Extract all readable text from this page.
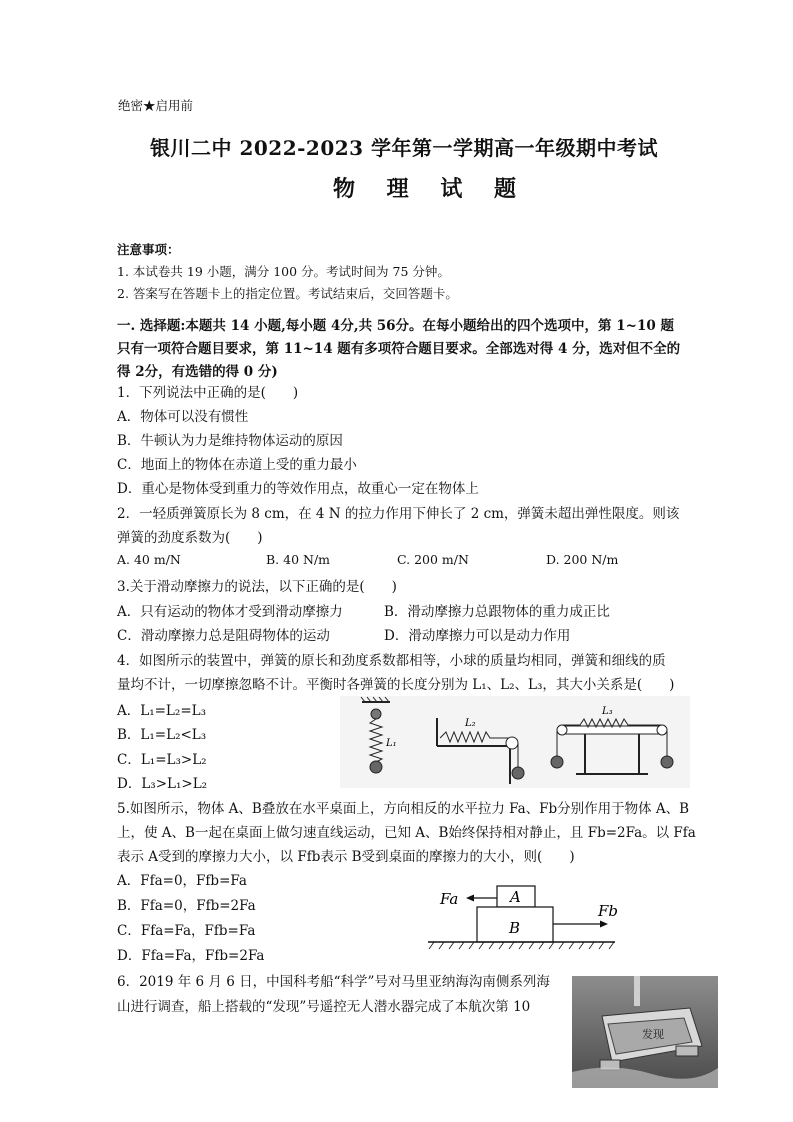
绝密★启用前
银川二中 2022-2023 学年第一学期高一年级期中考试
物 理 试 题
注意事项：
1. 本试卷共 19 小题，满分 100 分。考试时间为 75 分钟。
2. 答案写在答题卡上的指定位置。考试结束后，交回答题卡。
一. 选择题:本题共 14 小题,每小题 4分,共 56分。在每小题给出的四个选项中，第 1~10 题
只有一项符合题目要求，第 11~14 题有多项符合题目要求。全部选对得 4 分，选对但不全的
得 2分，有选错的得 0 分)
1．下列说法中正确的是(　　)
A．物体可以没有惯性
B．牛顿认为力是维持物体运动的原因
C．地面上的物体在赤道上受的重力最小
D．重心是物体受到重力的等效作用点，故重心一定在物体上
2．一轻质弹簧原长为 8 cm，在 4 N 的拉力作用下伸长了 2 cm，弹簧未超出弹性限度。则该
弹簧的劲度系数为(　　)
A. 40 m/N	B. 40 N/m	C. 200 m/N	D. 200 N/m
3.关于滑动摩擦力的说法，以下正确的是(　　)
A．只有运动的物体才受到滑动摩擦力	B．滑动摩擦力总跟物体的重力成正比
C．滑动摩擦力总是阻碍物体的运动	D．滑动摩擦力可以是动力作用
4．如图所示的装置中，弹簧的原长和劲度系数都相等，小球的质量均相同，弹簧和细线的质
量均不计，一切摩擦忽略不计。平衡时各弹簧的长度分别为 L₁、L₂、L₃，其大小关系是(　　)
A．L₁=L₂=L₃
B．L₁=L₂<L₃
C．L₁=L₃>L₂
D．L₃>L₁>L₂
L₁
L₂
L₃
5.如图所示，物体 A、B叠放在水平桌面上，方向相反的水平拉力 Fa、Fb分别作用于物体 A、B
上，使 A、B一起在桌面上做匀速直线运动，已知 A、B始终保持相对静止，且 Fb=2Fa。以 Ffa
表示 A受到的摩擦力大小，以 Ffb表示 B受到桌面的摩擦力的大小，则(　　)
A．Ffa=0，Ffb=Fa
B．Ffa=0，Ffb=2Fa
C．Ffa=Fa，Ffb=Fa
D．Ffa=Fa，Ffb=2Fa
Fa
Fb
A
B
6．2019 年 6 月 6 日，中国科考船“科学”号对马里亚纳海沟南侧系列海
山进行调查，船上搭载的“发现”号遥控无人潜水器完成了本航次第 10
发现
